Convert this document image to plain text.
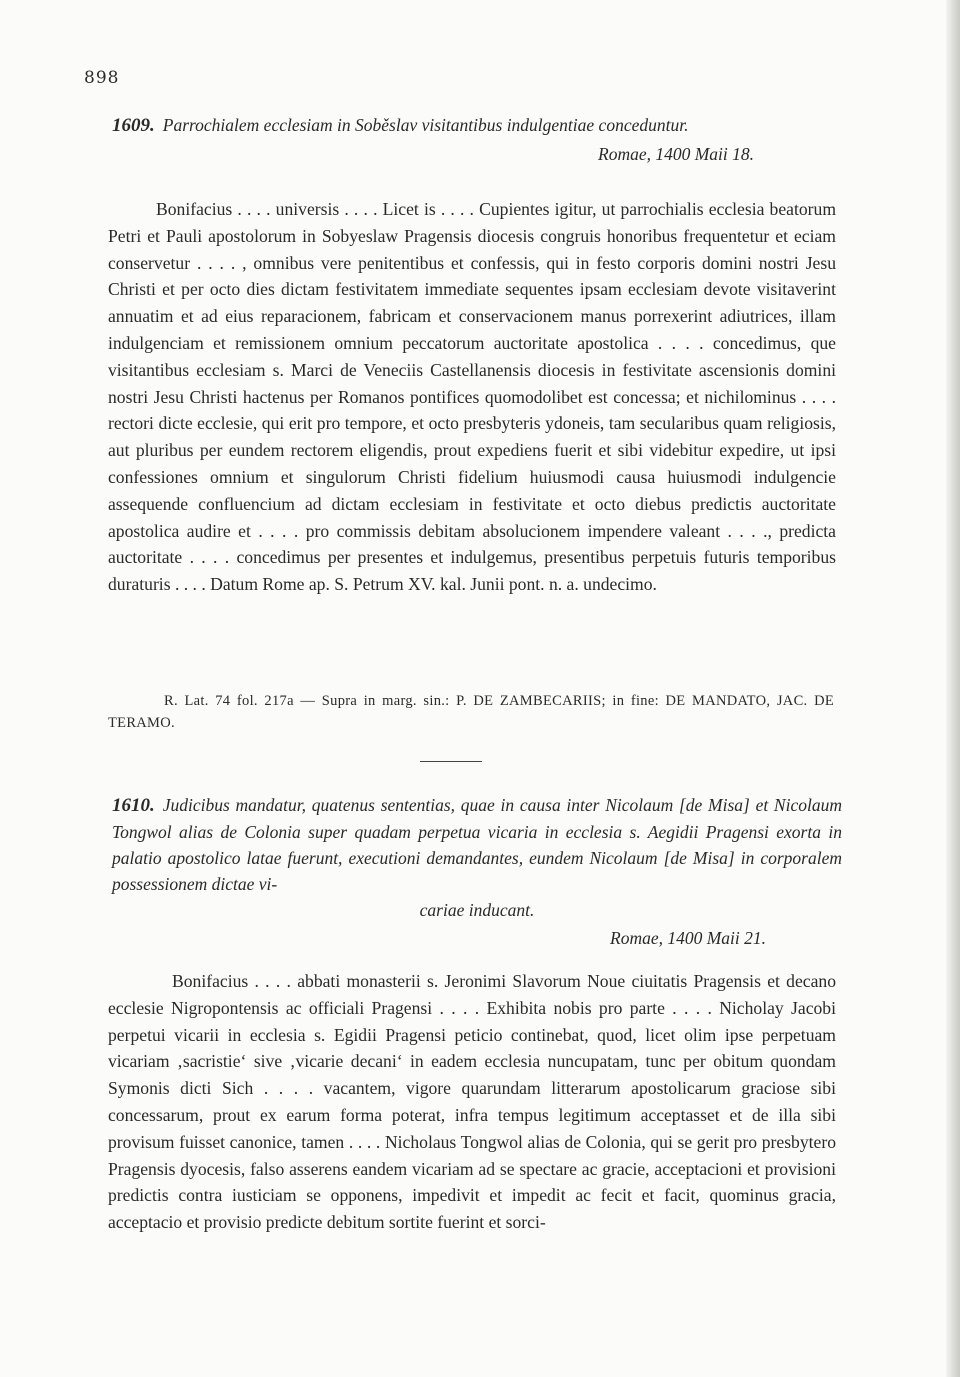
898
1609. Parrochialem ecclesiam in Soběslav visitantibus indulgentiae conceduntur.
Romae, 1400 Maii 18.
Bonifacius . . . . universis . . . . Licet is . . . . Cupientes igitur, ut parrochialis ecclesia beatorum Petri et Pauli apostolorum in Sobyeslaw Pragensis diocesis congruis honoribus frequentetur et eciam conservetur . . . . , omnibus vere penitentibus et confessis, qui in festo corporis domini nostri Jesu Christi et per octo dies dictam festivitatem immediate sequentes ipsam ecclesiam devote visitaverint annuatim et ad eius reparacionem, fabricam et conservacionem manus porrexerint adiutrices, illam indulgenciam et remissionem omnium peccatorum auctoritate apostolica . . . . concedimus, que visitantibus ecclesiam s. Marci de Veneciis Castellanensis diocesis in festivitate ascensionis domini nostri Jesu Christi hactenus per Romanos pontifices quomodolibet est concessa; et nichilominus . . . . rectori dicte ecclesie, qui erit pro tempore, et octo presbyteris ydoneis, tam secularibus quam religiosis, aut pluribus per eundem rectorem eligendis, prout expediens fuerit et sibi videbitur expedire, ut ipsi confessiones omnium et singulorum Christi fidelium huiusmodi causa huiusmodi indulgencie assequende confluencium ad dictam ecclesiam in festivitate et octo diebus predictis auctoritate apostolica audire et . . . . pro commissis debitam absolucionem impendere valeant . . . ., predicta auctoritate . . . . concedimus per presentes et indulgemus, presentibus perpetuis futuris temporibus duraturis . . . . Datum Rome ap. S. Petrum XV. kal. Junii pont. n. a. undecimo.
R. Lat. 74 fol. 217a — Supra in marg. sin.: P. DE ZAMBECARIIS; in fine: DE MANDATO, JAC. DE TERAMO.
1610. Judicibus mandatur, quatenus sententias, quae in causa inter Nicolaum [de Misa] et Nicolaum Tongwol alias de Colonia super quadam perpetua vicaria in ecclesia s. Aegidii Pragensi exorta in palatio apostolico latae fuerunt, executioni demandantes, eundem Nicolaum [de Misa] in corporalem possessionem dictae vi-
cariae inducant.
Romae, 1400 Maii 21.
Bonifacius . . . . abbati monasterii s. Jeronimi Slavorum Noue ciuitatis Pragensis et decano ecclesie Nigropontensis ac officiali Pragensi . . . . Exhibita nobis pro parte . . . . Nicholay Jacobi perpetui vicarii in ecclesia s. Egidii Pragensi peticio continebat, quod, licet olim ipse perpetuam vicariam ‚sacristie‘ sive ‚vicarie decani‘ in eadem ecclesia nuncupatam, tunc per obitum quondam Symonis dicti Sich . . . . vacantem, vigore quarundam litterarum apostolicarum graciose sibi concessarum, prout ex earum forma poterat, infra tempus legitimum acceptasset et de illa sibi provisum fuisset canonice, tamen . . . . Nicholaus Tongwol alias de Colonia, qui se gerit pro presbytero Pragensis dyocesis, falso asserens eandem vicariam ad se spectare ac gracie, acceptacioni et provisioni predictis contra iusticiam se opponens, impedivit et impedit ac fecit et facit, quominus gracia, acceptacio et provisio predicte debitum sortite fuerint et sorci-
